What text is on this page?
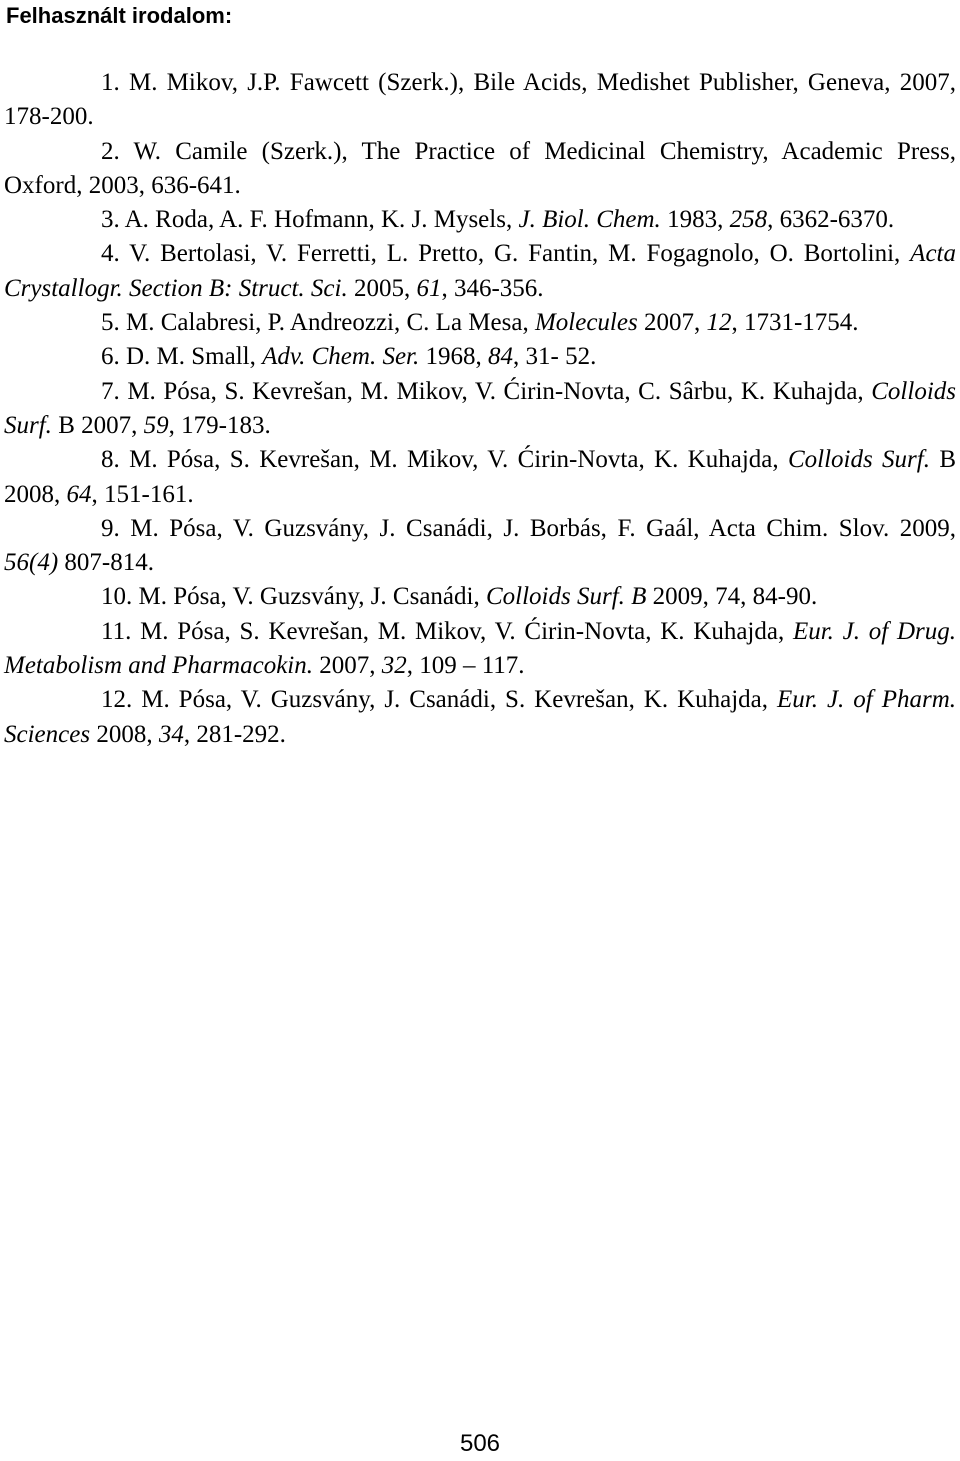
Felhasznált irodalom:
1. M. Mikov, J.P. Fawcett (Szerk.), Bile Acids, Medishet Publisher, Geneva, 2007, 178-200.
2. W. Camile (Szerk.), The Practice of Medicinal Chemistry, Academic Press, Oxford, 2003, 636-641.
3. A. Roda, A. F. Hofmann, K. J. Mysels, J. Biol. Chem. 1983, 258, 6362-6370.
4. V. Bertolasi, V. Ferretti, L. Pretto, G. Fantin, M. Fogagnolo, O. Bortolini, Acta Crystallogr. Section B: Struct. Sci. 2005, 61, 346-356.
5. M. Calabresi, P. Andreozzi, C. La Mesa, Molecules 2007, 12, 1731-1754.
6. D. M. Small, Adv. Chem. Ser. 1968, 84, 31- 52.
7. M. Pósa, S. Kevrešan, M. Mikov, V. Ćirin-Novta, C. Sârbu, K. Kuhajda, Colloids Surf. B 2007, 59, 179-183.
8. M. Pósa, S. Kevrešan, M. Mikov, V. Ćirin-Novta, K. Kuhajda, Colloids Surf. B 2008, 64, 151-161.
9. M. Pósa, V. Guzsvány, J. Csanádi, J. Borbás, F. Gaál, Acta Chim. Slov. 2009, 56(4) 807-814.
10. M. Pósa, V. Guzsvány, J. Csanádi, Colloids Surf. B 2009, 74, 84-90.
11. M. Pósa, S. Kevrešan, M. Mikov, V. Ćirin-Novta, K. Kuhajda, Eur. J. of Drug. Metabolism and Pharmacokin. 2007, 32, 109 – 117.
12. M. Pósa, V. Guzsvány, J. Csanádi, S. Kevrešan, K. Kuhajda, Eur. J. of Pharm. Sciences 2008, 34, 281-292.
506
